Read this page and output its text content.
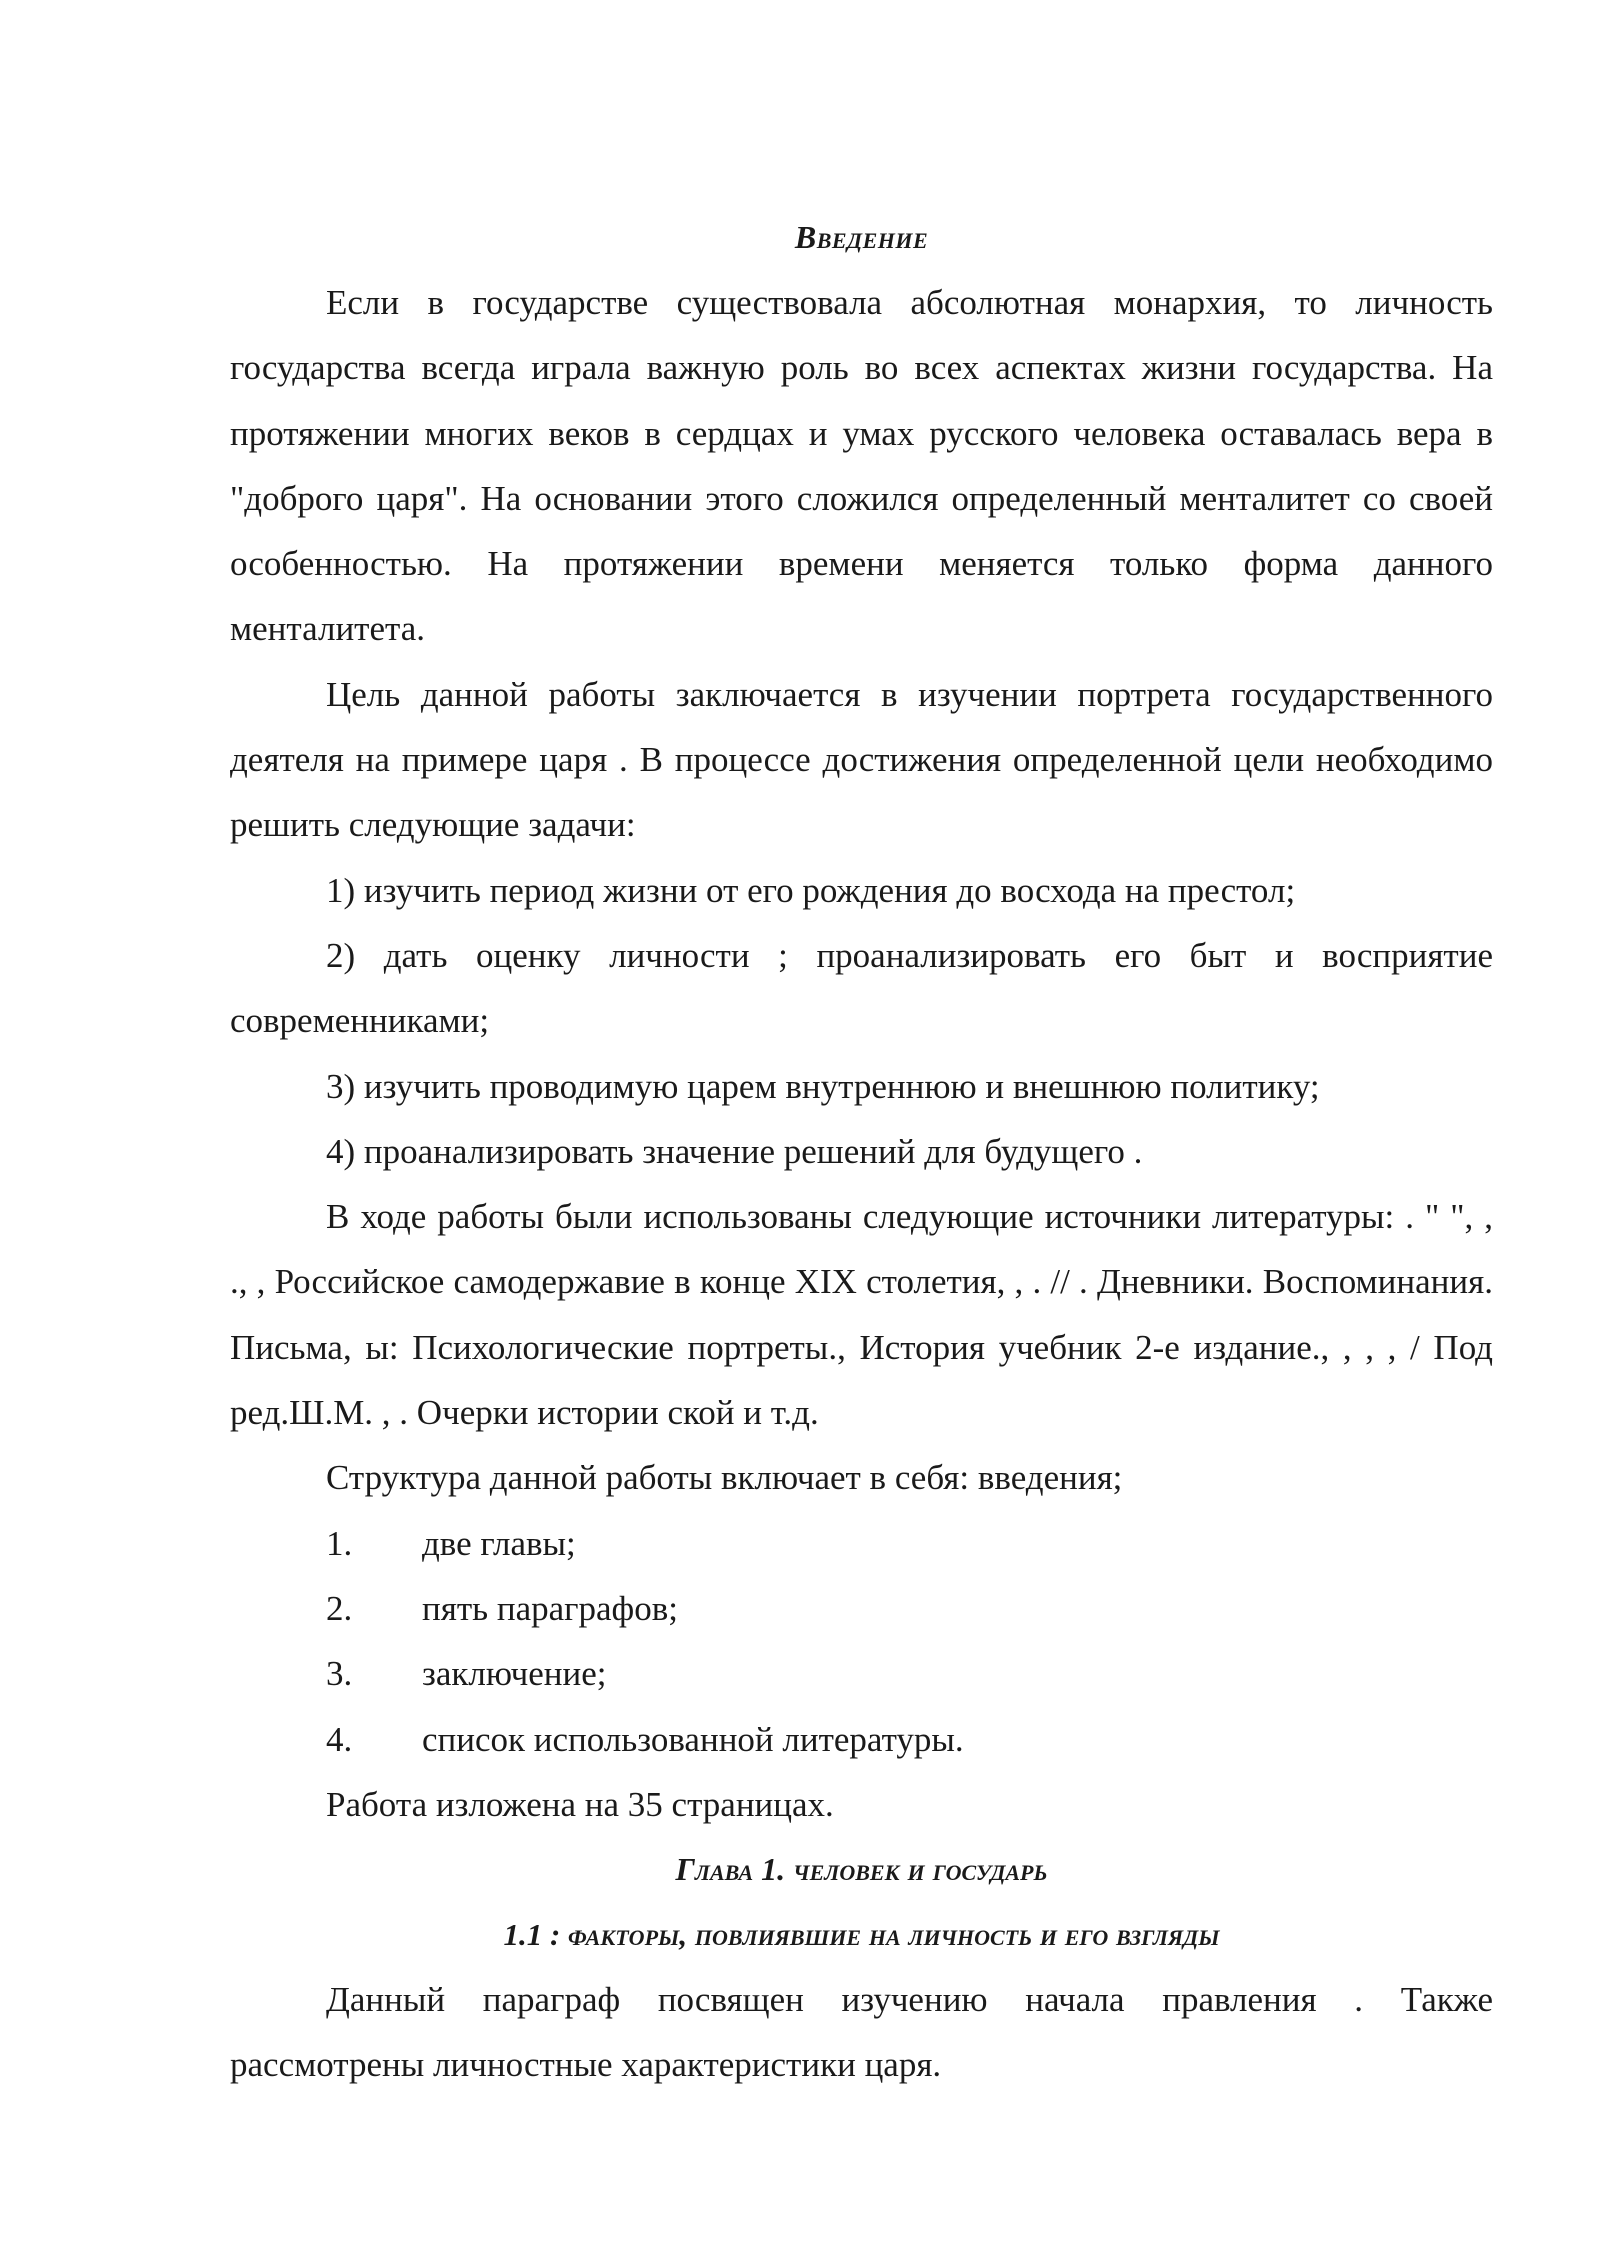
Введение

Если в государстве существовала абсолютная монархия, то личность государства всегда играла важную роль во всех аспектах жизни государства. На протяжении многих веков в сердцах и умах русского человека оставалась вера в "доброго царя". На основании этого сложился определенный менталитет со своей особенностью. На протяжении времени меняется только форма данного менталитета.

Цель данной работы заключается в изучении портрета государственного деятеля на примере царя . В процессе достижения определенной цели необходимо решить следующие задачи:

1) изучить период жизни от его рождения до восхода на престол;

2) дать оценку личности ; проанализировать его быт и восприятие современниками;

3) изучить проводимую царем внутреннюю и внешнюю политику;

4) проанализировать значение решений для будущего .

В ходе работы были использованы следующие источники литературы: . " ", , ., , Российское самодержавие в конце XIX столетия, , . // . Дневники. Воспоминания. Письма, ы: Психологические портреты., История учебник 2-е издание., , , , / Под ред.Ш.М. , . Очерки истории ской и т.д.

Структура данной работы включает в себя: введения;

1.	две главы;
2.	пять параграфов;
3.	заключение;
4.	список использованной литературы.

Работа изложена на 35 страницах.

Глава 1. человек и государь
1.1 : факторы, повлиявшие на личность и его взгляды

Данный параграф посвящен изучению начала правления . Также рассмотрены личностные характеристики царя.
